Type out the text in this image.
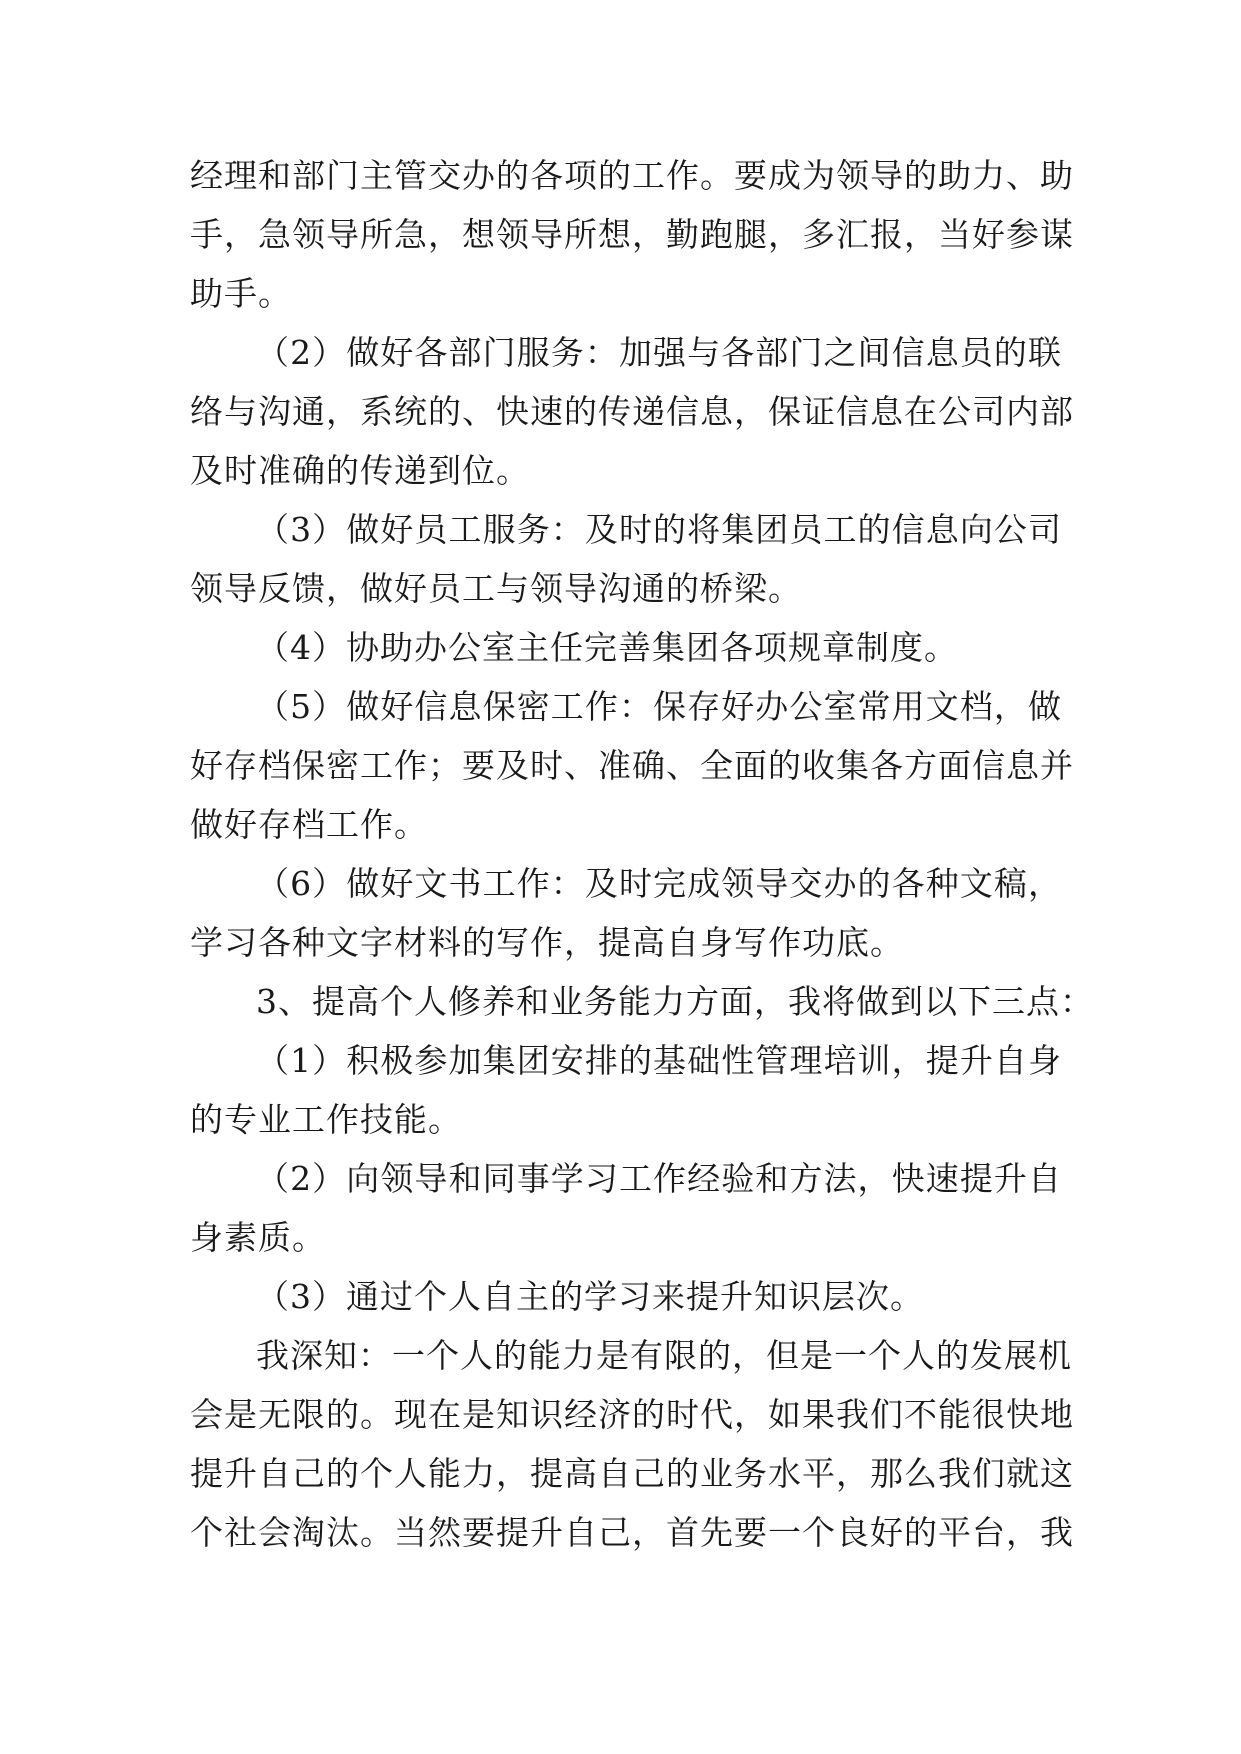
经理和部门主管交办的各项的工作。要成为领导的助力、助
手，急领导所急，想领导所想，勤跑腿，多汇报，当好参谋
助手。
（2）做好各部门服务：加强与各部门之间信息员的联
络与沟通，系统的、快速的传递信息，保证信息在公司内部
及时准确的传递到位。
（3）做好员工服务：及时的将集团员工的信息向公司
领导反馈，做好员工与领导沟通的桥梁。
（4）协助办公室主任完善集团各项规章制度。
（5）做好信息保密工作：保存好办公室常用文档，做
好存档保密工作；要及时、准确、全面的收集各方面信息并
做好存档工作。
（6）做好文书工作：及时完成领导交办的各种文稿，
学习各种文字材料的写作，提高自身写作功底。
3、提高个人修养和业务能力方面，我将做到以下三点：
（1）积极参加集团安排的基础性管理培训，提升自身
的专业工作技能。
（2）向领导和同事学习工作经验和方法，快速提升自
身素质。
（3）通过个人自主的学习来提升知识层次。
我深知：一个人的能力是有限的，但是一个人的发展机
会是无限的。现在是知识经济的时代，如果我们不能很快地
提升自己的个人能力，提高自己的业务水平，那么我们就这
个社会淘汰。当然要提升自己，首先要一个良好的平台，我
